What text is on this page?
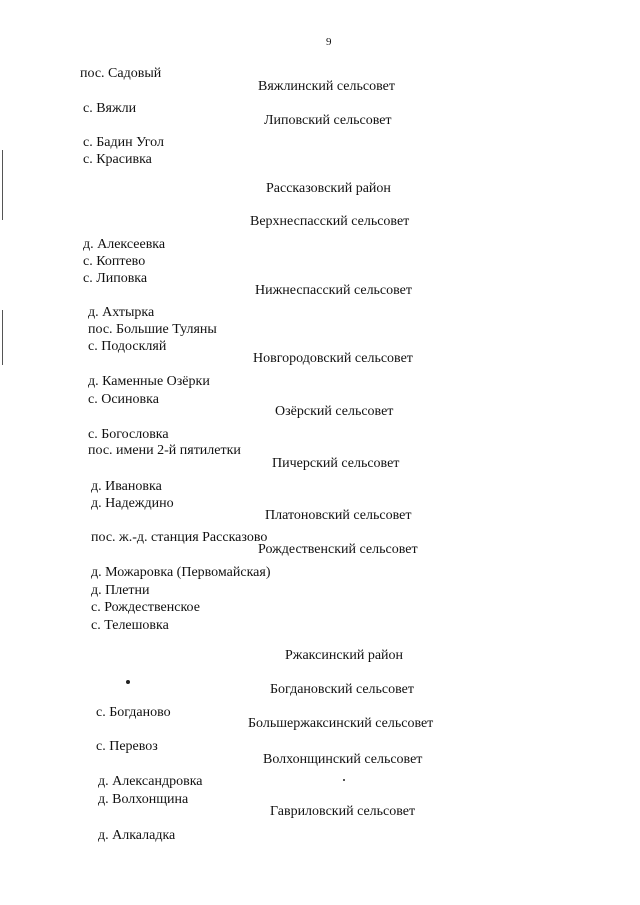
9
пос. Садовый
Вяжлинский сельсовет
с. Вяжли
Липовский сельсовет
с. Бадин Угол
с. Красивка
Рассказовский район
Верхнеспасский сельсовет
д. Алексеевка
с. Коптево
с. Липовка
Нижнеспасский сельсовет
д. Ахтырка
пос. Большие Туляны
с. Подоскляй
Новгородовский сельсовет
д. Каменные Озёрки
с. Осиновка
Озёрский сельсовет
с. Богословка
пос. имени 2-й пятилетки
Пичерский сельсовет
д. Ивановка
д. Надеждино
Платоновский сельсовет
пос. ж.-д. станция Рассказово
Рождественский сельсовет
д. Можаровка (Первомайская)
д. Плетни
с. Рождественское
с. Телешовка
Ржаксинский район
Богдановский сельсовет
с. Богданово
Большержаксинский сельсовет
с. Перевоз
Волхонщинский сельсовет
д. Александровка
д. Волхонщина
Гавриловский сельсовет
д. Алкаладка
